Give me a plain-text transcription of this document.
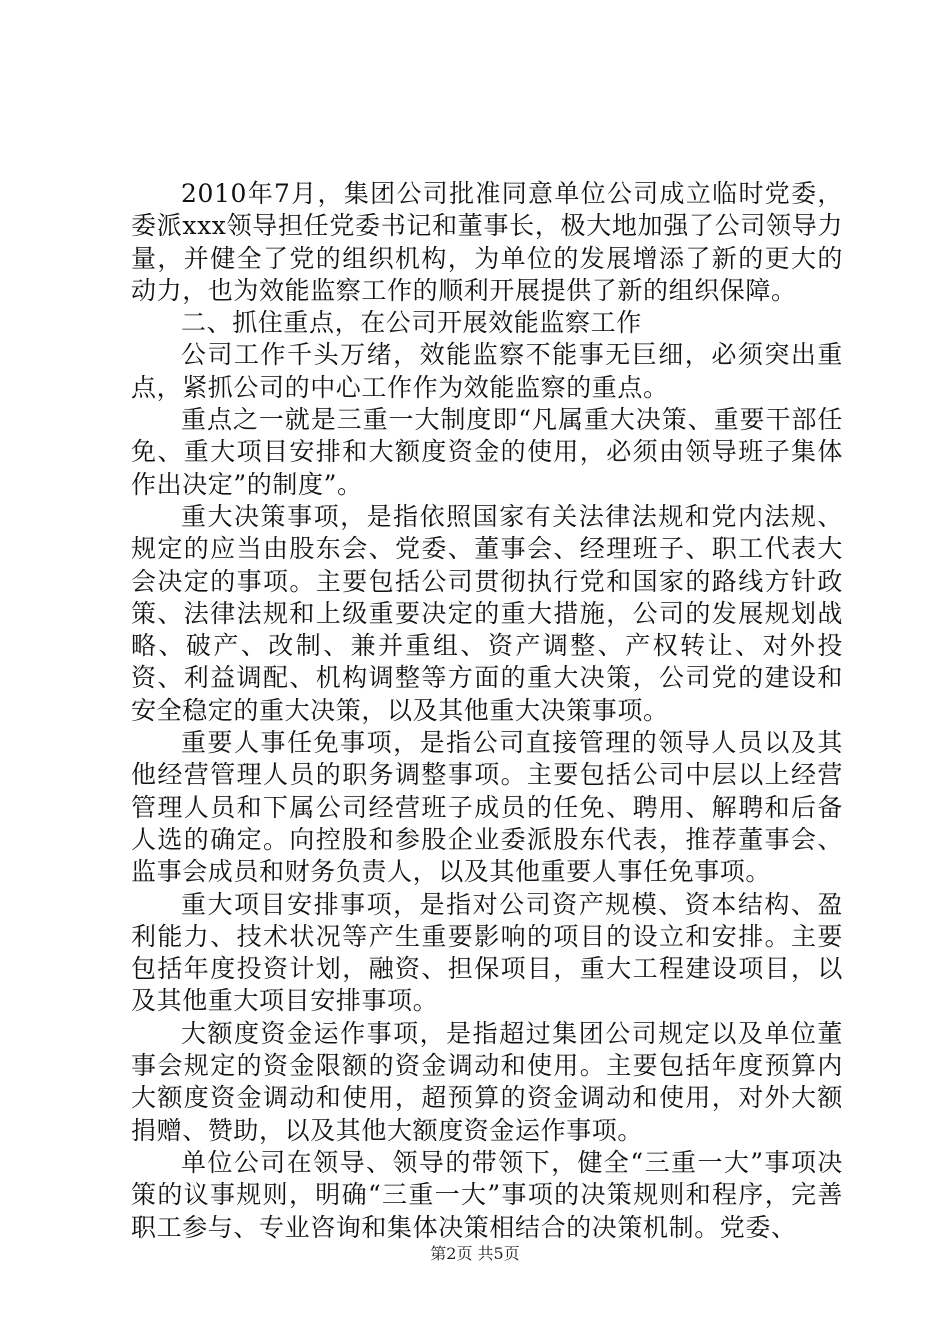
2010年7月，集团公司批准同意单位公司成立临时党委，委派xxx领导担任党委书记和董事长，极大地加强了公司领导力量，并健全了党的组织机构，为单位的发展增添了新的更大的动力，也为效能监察工作的顺利开展提供了新的组织保障。

二、抓住重点，在公司开展效能监察工作

公司工作千头万绪，效能监察不能事无巨细，必须突出重点，紧抓公司的中心工作作为效能监察的重点。

重点之一就是三重一大制度即“凡属重大决策、重要干部任免、重大项目安排和大额度资金的使用，必须由领导班子集体作出决定”的制度”。

重大决策事项，是指依照国家有关法律法规和党内法规、规定的应当由股东会、党委、董事会、经理班子、职工代表大会决定的事项。主要包括公司贯彻执行党和国家的路线方针政策、法律法规和上级重要决定的重大措施，公司的发展规划战略、破产、改制、兼并重组、资产调整、产权转让、对外投资、利益调配、机构调整等方面的重大决策，公司党的建设和安全稳定的重大决策，以及其他重大决策事项。

重要人事任免事项，是指公司直接管理的领导人员以及其他经营管理人员的职务调整事项。主要包括公司中层以上经营管理人员和下属公司经营班子成员的任免、聘用、解聘和后备人选的确定。向控股和参股企业委派股东代表，推荐董事会、监事会成员和财务负责人，以及其他重要人事任免事项。

重大项目安排事项，是指对公司资产规模、资本结构、盈利能力、技术状况等产生重要影响的项目的设立和安排。主要包括年度投资计划，融资、担保项目，重大工程建设项目，以及其他重大项目安排事项。

大额度资金运作事项，是指超过集团公司规定以及单位董事会规定的资金限额的资金调动和使用。主要包括年度预算内大额度资金调动和使用，超预算的资金调动和使用，对外大额捐赠、赞助，以及其他大额度资金运作事项。

单位公司在领导、领导的带领下，健全“三重一大”事项决策的议事规则，明确“三重一大”事项的决策规则和程序，完善职工参与、专业咨询和集体决策相结合的决策机制。党委、

第2页 共5页
